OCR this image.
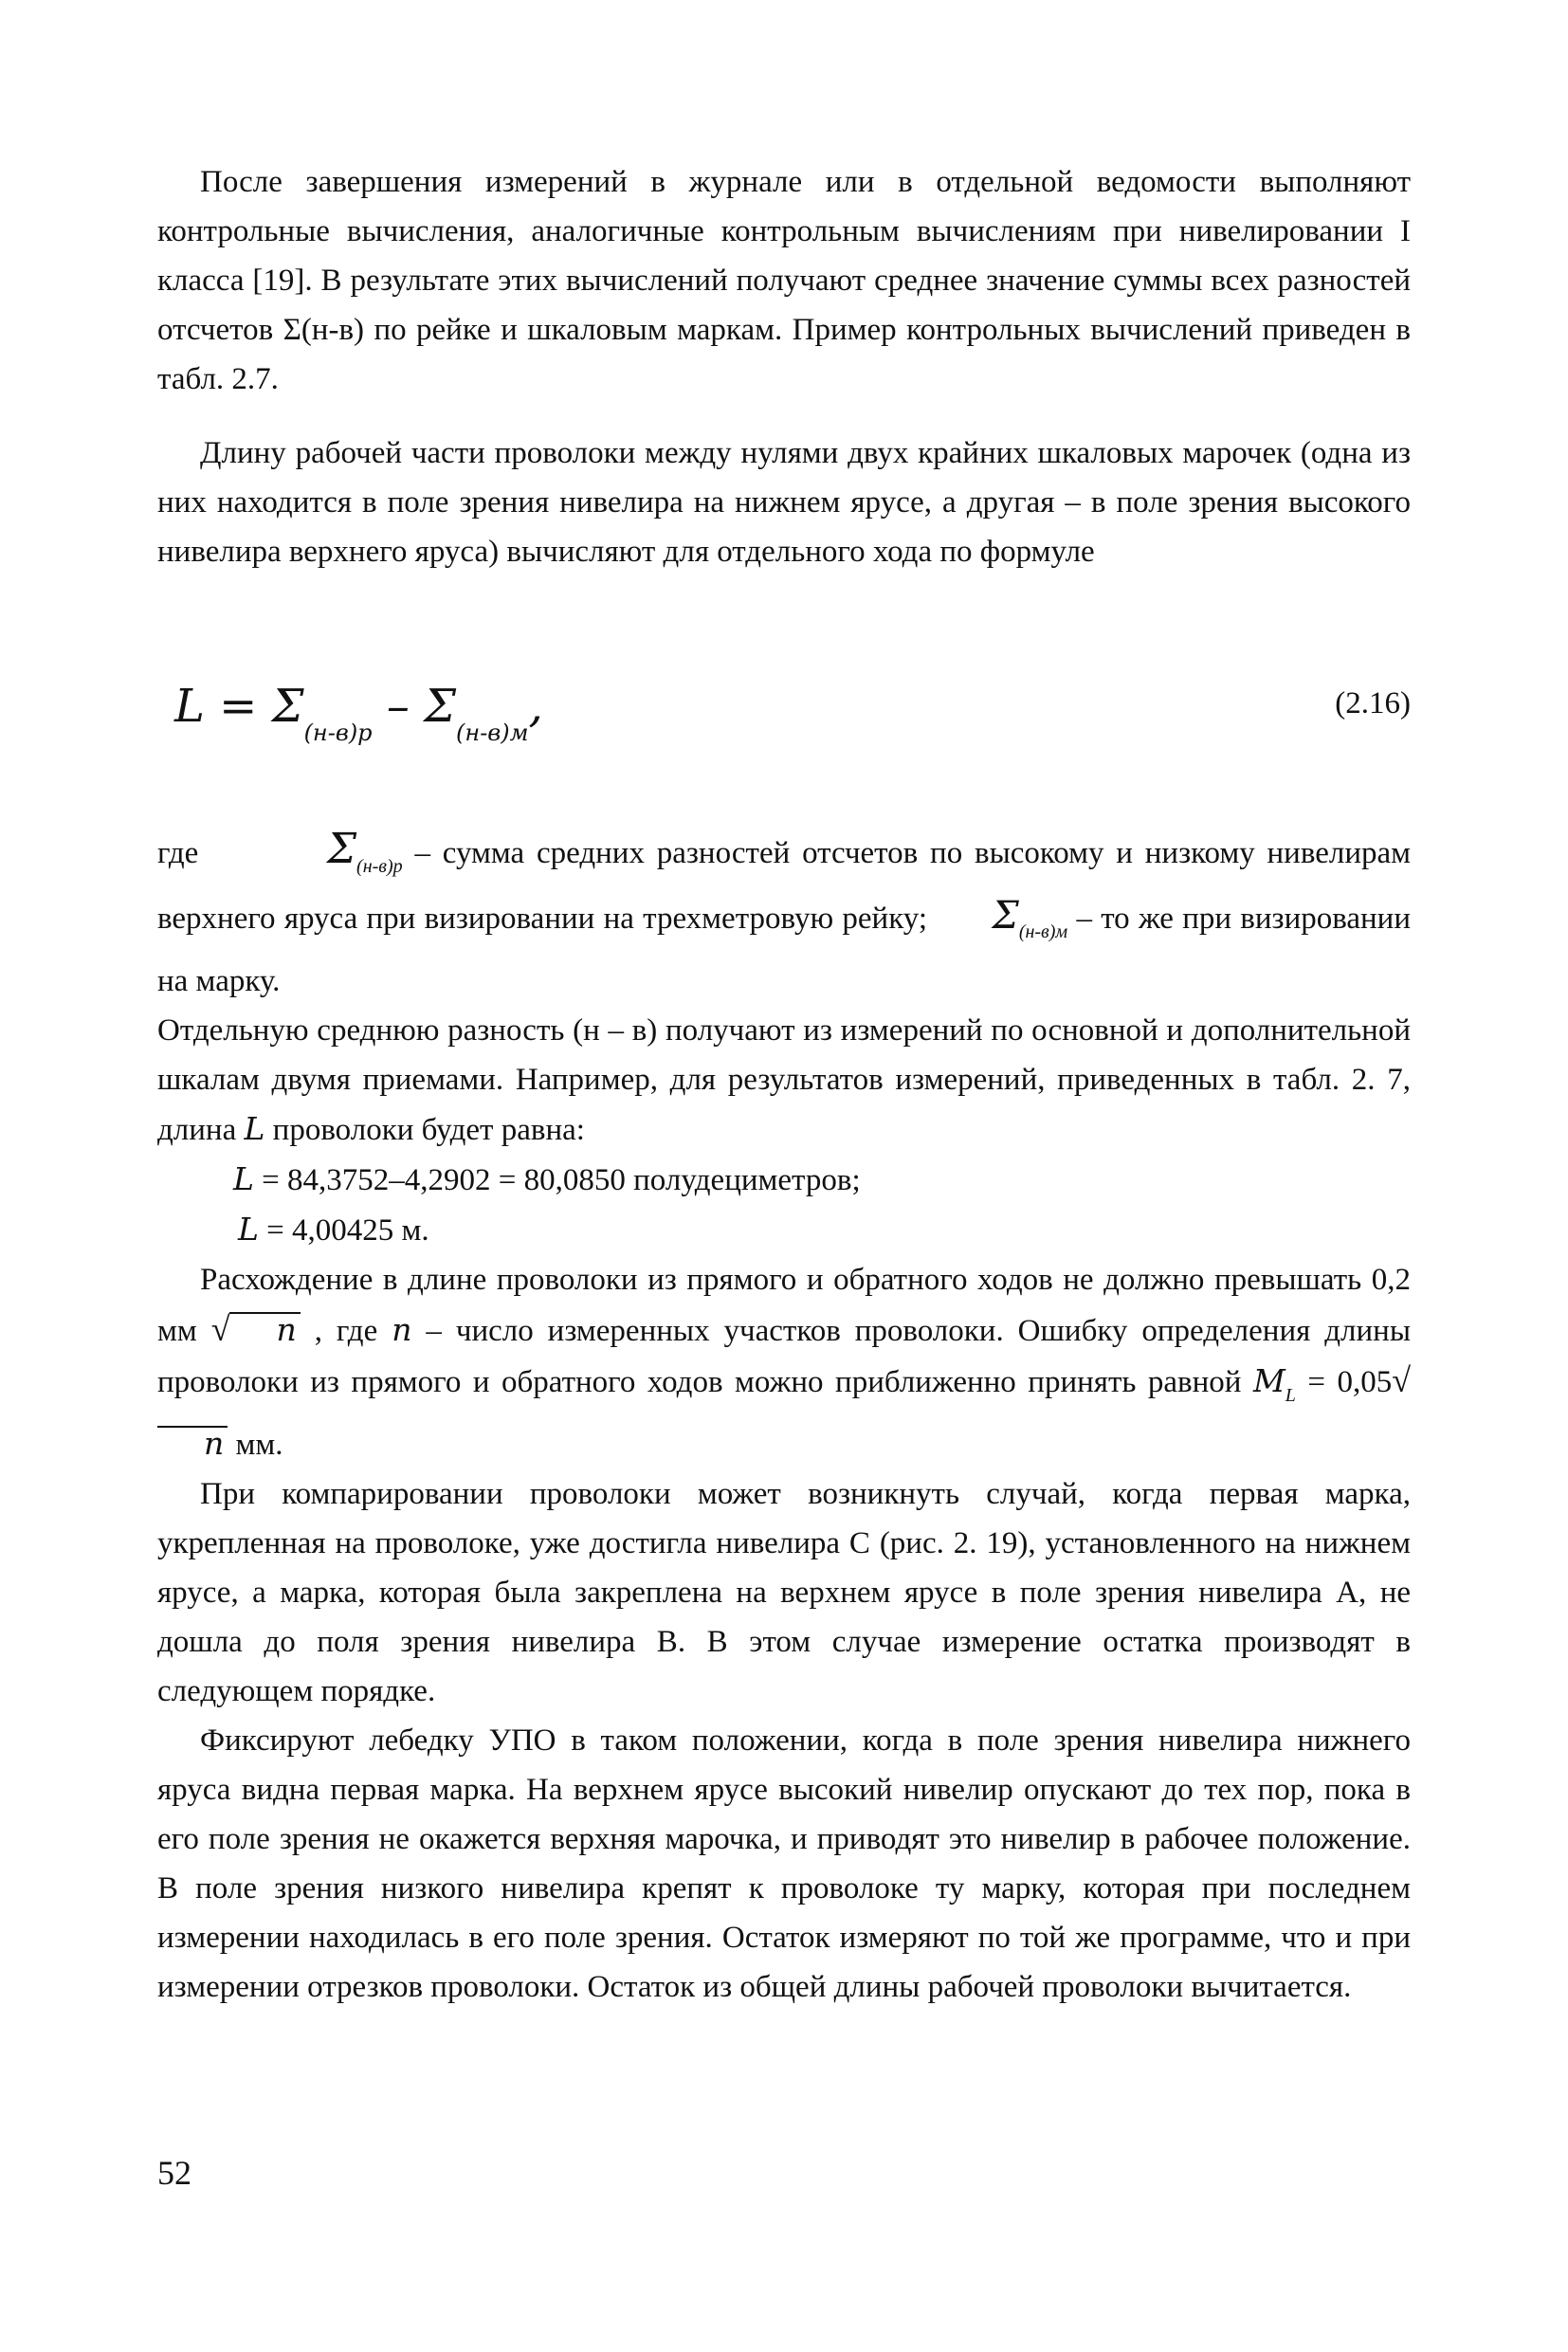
После завершения измерений в журнале или в отдельной ведомости выполняют контрольные вычисления, аналогичные контрольным вычислениям при нивелировании I класса [19]. В результате этих вычислений получают среднее значение суммы всех разностей отсчетов Σ(н-в) по рейке и шкаловым маркам. Пример контрольных вычислений приведен в табл. 2.7.

Длину рабочей части проволоки между нулями двух крайних шкаловых марочек (одна из них находится в поле зрения нивелира на нижнем ярусе, а другая – в поле зрения высокого нивелира верхнего яруса) вычисляют для отдельного хода по формуле

$L = \Sigma_{(н-в)р} - \Sigma_{(н-в)м}$,	(2.16)

где	$\Sigma_{(н-в)р}$ – сумма средних разностей отсчетов по высокому и низкому нивелирам верхнего яруса при визировании на трехметровую рейку; $\Sigma_{(н-в)м}$ – то же при визировании на марку.

Отдельную среднюю разность (н – в) получают из измерений по основной и дополнительной шкалам двумя приемами. Например, для результатов измерений, приведенных в табл. 2. 7, длина L проволоки будет равна:

L = 84,3752–4,2902 = 80,0850 полудециметров;

L = 4,00425 м.

Расхождение в длине проволоки из прямого и обратного ходов не должно превышать 0,2 мм √ n , где n – число измеренных участков проволоки. Ошибку определения длины проволоки из прямого и обратного ходов можно приближенно принять равной $M_L = 0,05√n$ мм.

При компарировании проволоки может возникнуть случай, когда первая марка, укрепленная на проволоке, уже достигла нивелира C (рис. 2. 19), установленного на нижнем ярусе, а марка, которая была закреплена на верхнем ярусе в поле зрения нивелира A, не дошла до поля зрения нивелира B. В этом случае измерение остатка производят в следующем порядке.

Фиксируют лебедку УПО в таком положении, когда в поле зрения нивелира нижнего яруса видна первая марка. На верхнем ярусе высокий нивелир опускают до тех пор, пока в его поле зрения не окажется верхняя марочка, и приводят это нивелир в рабочее положение. В поле зрения низкого нивелира крепят к проволоке ту марку, которая при последнем измерении находилась в его поле зрения. Остаток измеряют по той же программе, что и при измерении отрезков проволоки. Остаток из общей длины рабочей проволоки вычитается.

52
